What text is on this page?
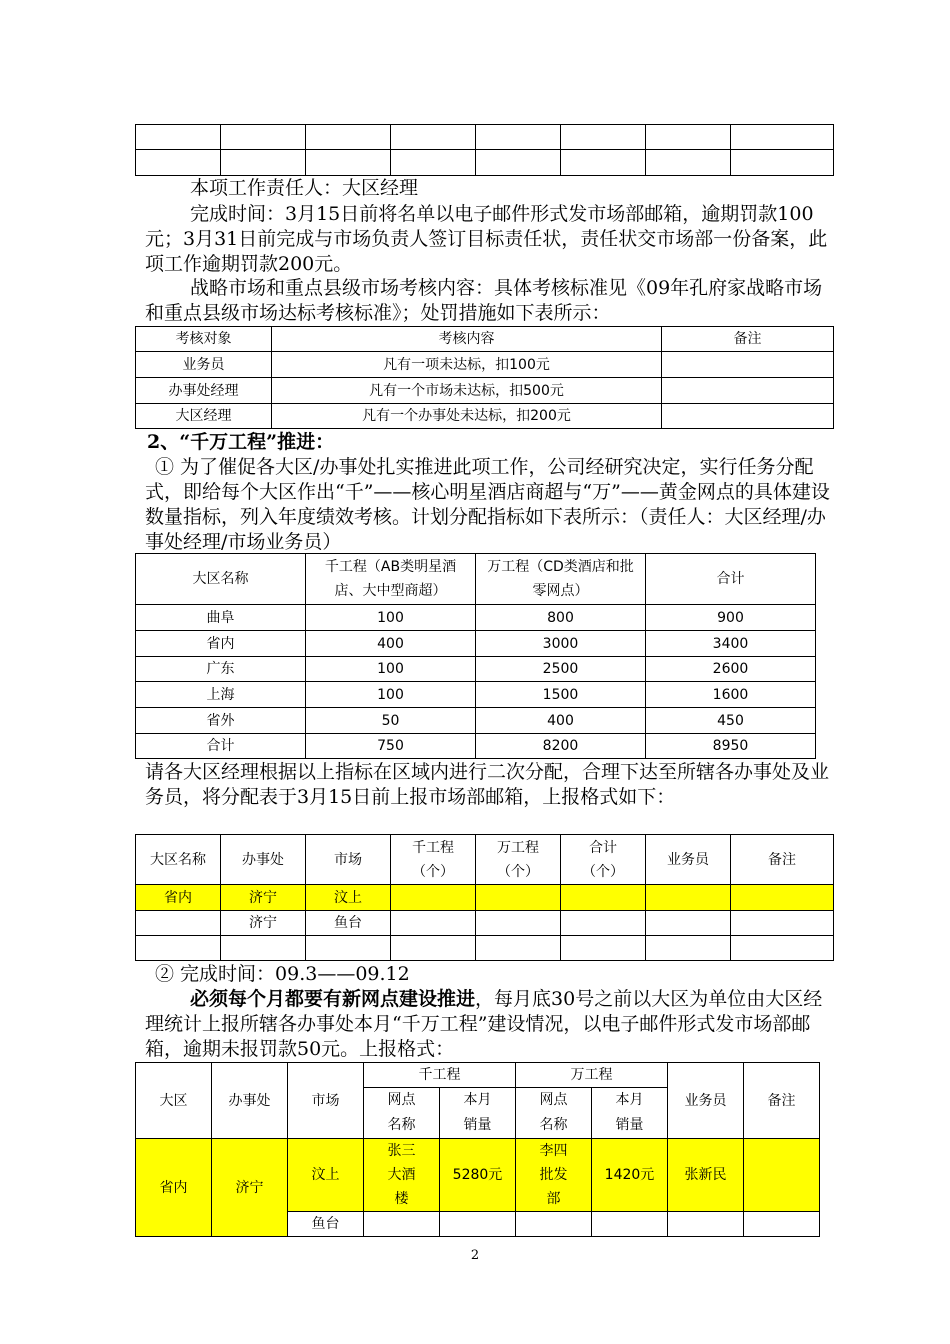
本项工作责任人：大区经理

完成时间：3月15日前将名单以电子邮件形式发市场部邮箱，逾期罚款100元；3月31日前完成与市场负责人签订目标责任状，责任状交市场部一份备案，此项工作逾期罚款200元。

战略市场和重点县级市场考核内容：具体考核标准见《09年孔府家战略市场和重点县级市场达标考核标准》；处罚措施如下表所示：

考核对象	考核内容	备注
业务员	凡有一项未达标，扣100元	
办事处经理	凡有一个市场未达标，扣500元	
大区经理	凡有一个办事处未达标，扣200元	

2、“千万工程”推进：

① 为了催促各大区/办事处扎实推进此项工作，公司经研究决定，实行任务分配式，即给每个大区作出“千”——核心明星酒店商超与“万”——黄金网点的具体建设数量指标，列入年度绩效考核。计划分配指标如下表所示：（责任人：大区经理/办事处经理/市场业务员）

大区名称	千工程（AB类明星酒店、大中型商超）	万工程（CD类酒店和批零网点）	合计
曲阜	100	800	900
省内	400	3000	3400
广东	100	2500	2600
上海	100	1500	1600
省外	50	400	450
合计	750	8200	8950

请各大区经理根据以上指标在区域内进行二次分配，合理下达至所辖各办事处及业务员，将分配表于3月15日前上报市场部邮箱，上报格式如下：

大区名称	办事处	市场	千工程（个）	万工程（个）	合计（个）	业务员	备注
省内	济宁	汶上					
	济宁	鱼台					

② 完成时间：09.3——09.12

必须每个月都要有新网点建设推进，每月底30号之前以大区为单位由大区经理统计上报所辖各办事处本月“千万工程”建设情况，以电子邮件形式发市场部邮箱，逾期未报罚款50元。上报格式：

大区	办事处	市场	千工程		万工程		业务员	备注
			网点名称	本月销量	网点名称	本月销量		

省内	济宁	汶上	张三大酒楼	5280元	李四批发部	1420元	张新民	
		鱼台						
2
